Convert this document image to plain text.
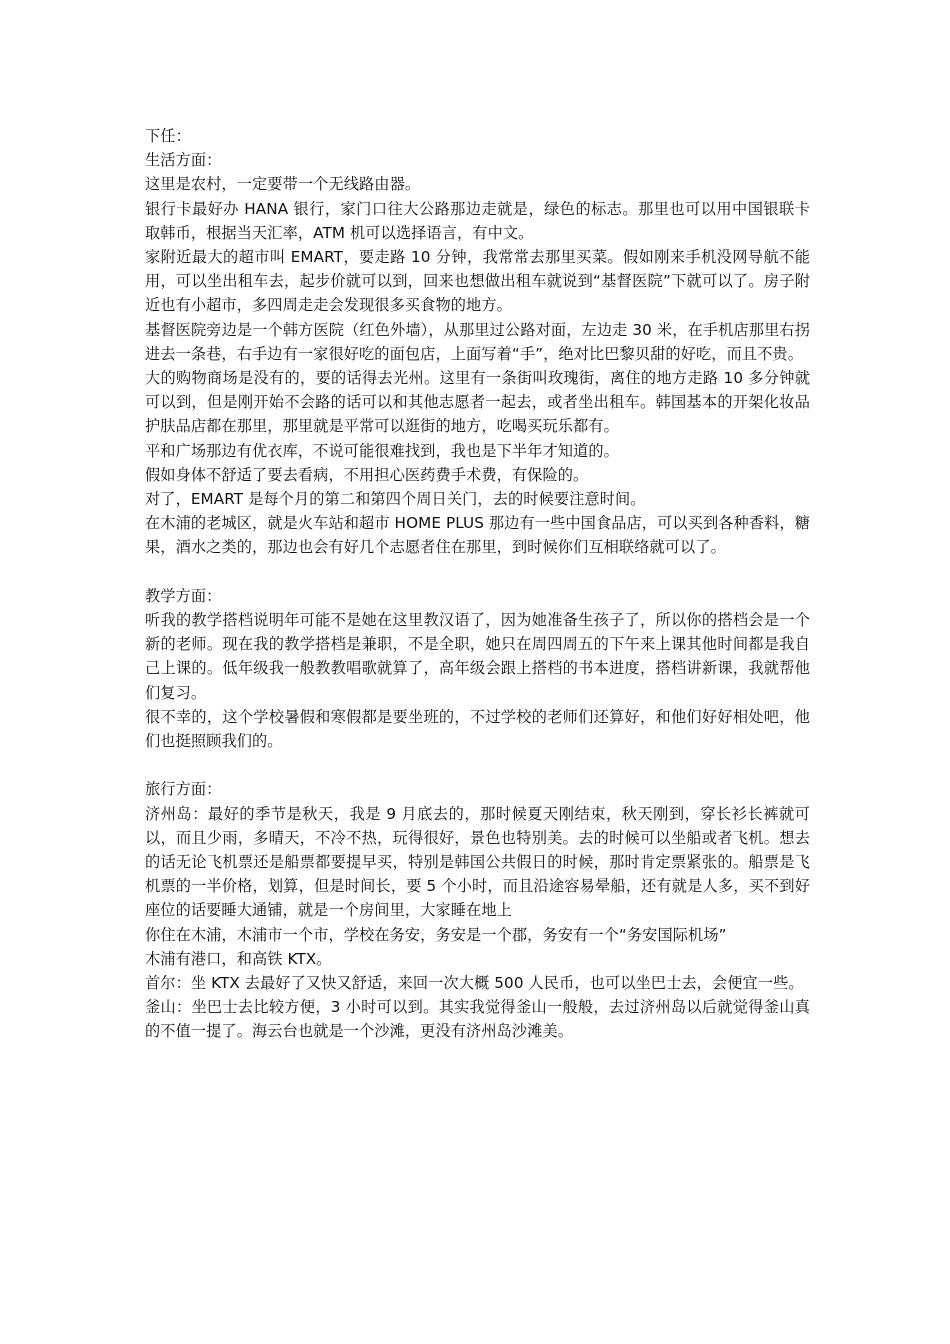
下任：

生活方面：

这里是农村，一定要带一个无线路由器。

银行卡最好办 HANA 银行，家门口往大公路那边走就是，绿色的标志。那里也可以用中国银联卡取韩币，根据当天汇率，ATM 机可以选择语言，有中文。

家附近最大的超市叫 EMART，要走路 10 分钟，我常常去那里买菜。假如刚来手机没网导航不能用，可以坐出租车去，起步价就可以到，回来也想做出租车就说到“基督医院”下就可以了。房子附近也有小超市，多四周走走会发现很多买食物的地方。

基督医院旁边是一个韩方医院（红色外墙），从那里过公路对面，左边走 30 米，在手机店那里右拐进去一条巷，右手边有一家很好吃的面包店，上面写着“手”，绝对比巴黎贝甜的好吃，而且不贵。

大的购物商场是没有的，要的话得去光州。这里有一条街叫玫瑰街，离住的地方走路 10 多分钟就可以到，但是刚开始不会路的话可以和其他志愿者一起去，或者坐出租车。韩国基本的开架化妆品护肤品店都在那里，那里就是平常可以逛街的地方，吃喝买玩乐都有。

平和广场那边有优衣库，不说可能很难找到，我也是下半年才知道的。

假如身体不舒适了要去看病，不用担心医药费手术费，有保险的。

对了，EMART 是每个月的第二和第四个周日关门，去的时候要注意时间。

在木浦的老城区，就是火车站和超市 HOME PLUS 那边有一些中国食品店，可以买到各种香料，糖果，酒水之类的，那边也会有好几个志愿者住在那里，到时候你们互相联络就可以了。

教学方面：

听我的教学搭档说明年可能不是她在这里教汉语了，因为她准备生孩子了，所以你的搭档会是一个新的老师。现在我的教学搭档是兼职，不是全职，她只在周四周五的下午来上课其他时间都是我自己上课的。低年级我一般教教唱歌就算了，高年级会跟上搭档的书本进度，搭档讲新课，我就帮他们复习。

很不幸的，这个学校暑假和寒假都是要坐班的，不过学校的老师们还算好，和他们好好相处吧，他们也挺照顾我们的。

旅行方面：

济州岛：最好的季节是秋天，我是 9 月底去的，那时候夏天刚结束，秋天刚到，穿长衫长裤就可以，而且少雨，多晴天，不冷不热，玩得很好，景色也特别美。去的时候可以坐船或者飞机。想去的话无论飞机票还是船票都要提早买，特别是韩国公共假日的时候，那时肯定票紧张的。船票是飞机票的一半价格，划算，但是时间长，要 5 个小时，而且沿途容易晕船，还有就是人多，买不到好座位的话要睡大通铺，就是一个房间里，大家睡在地上

你住在木浦，木浦市一个市，学校在务安，务安是一个郡，务安有一个“务安国际机场”

木浦有港口，和高铁 KTX。

首尔：坐 KTX 去最好了又快又舒适，来回一次大概 500 人民币，也可以坐巴士去，会便宜一些。

釜山：坐巴士去比较方便，3 小时可以到。其实我觉得釜山一般般，去过济州岛以后就觉得釜山真的不值一提了。海云台也就是一个沙滩，更没有济州岛沙滩美。
